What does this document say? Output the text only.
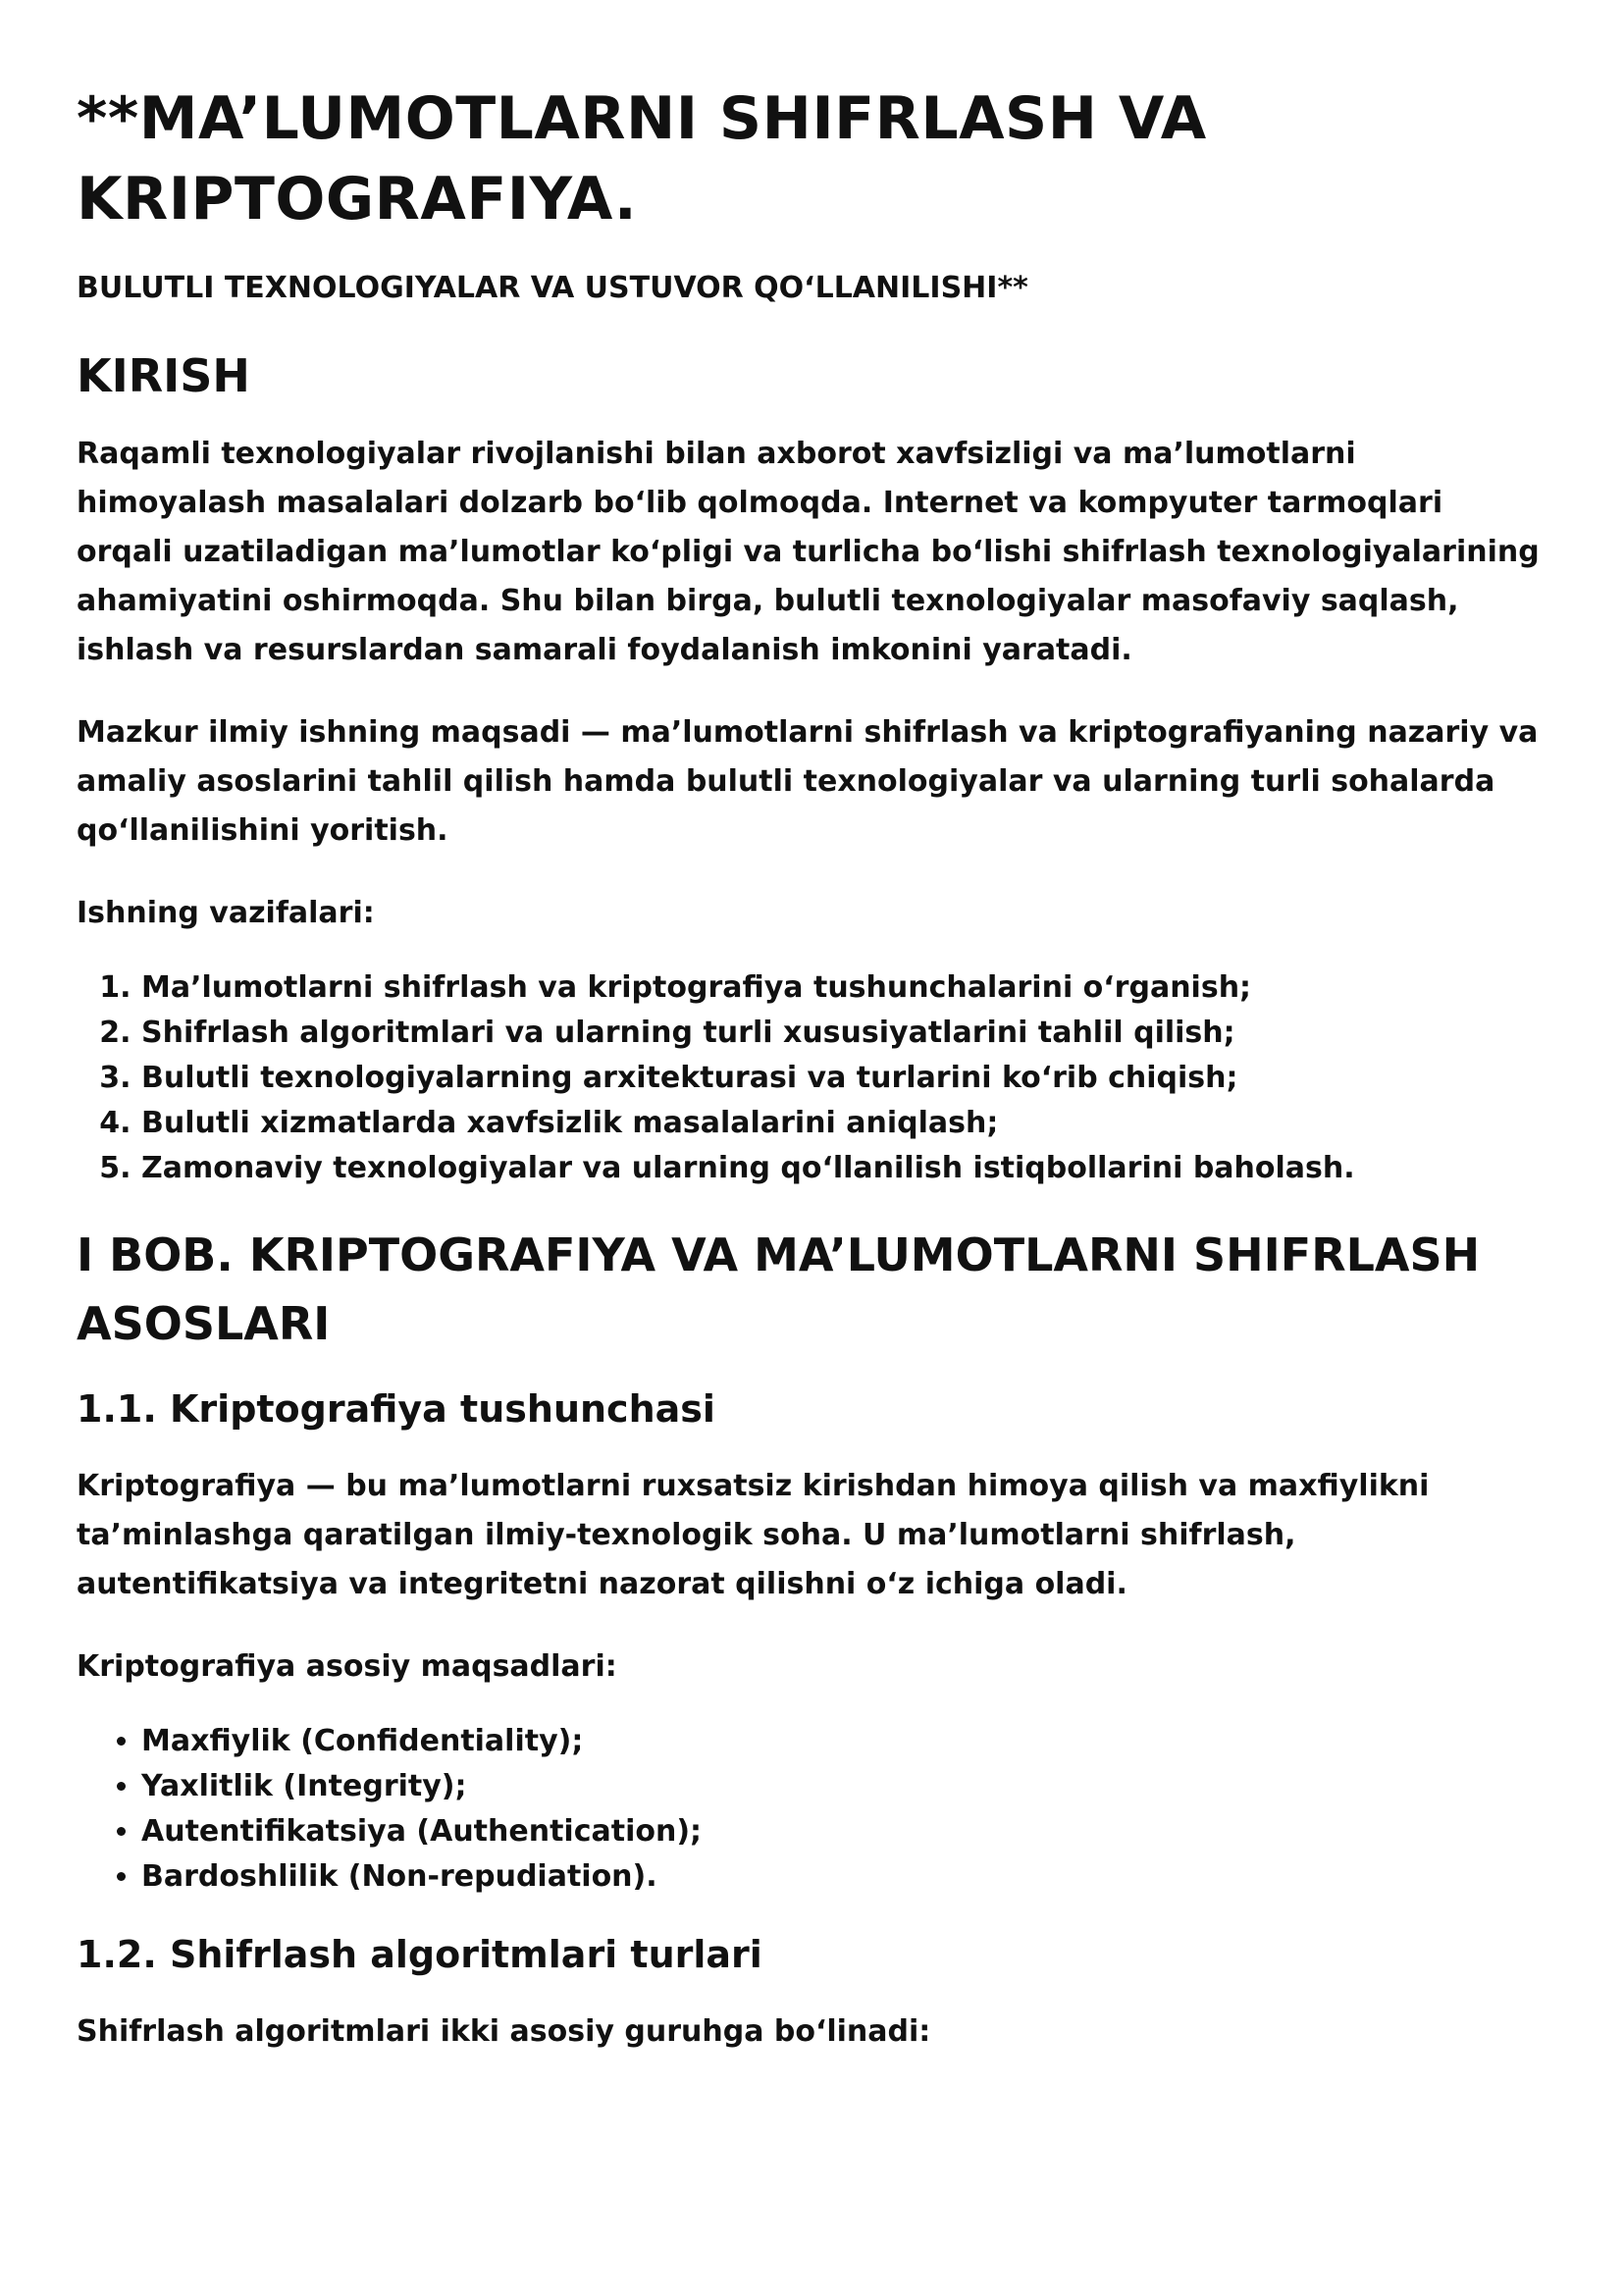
**MA’LUMOTLARNI SHIFRLASH VA KRIPTOGRAFIYA.
BULUTLI TEXNOLOGIYALAR VA USTUVOR QO‘LLANILISHI**
KIRISH

Raqamli texnologiyalar rivojlanishi bilan axborot xavfsizligi va ma’lumotlarni himoyalash masalalari dolzarb bo‘lib qolmoqda. Internet va kompyuter tarmoqlari orqali uzatiladigan ma’lumotlar ko‘pligi va turlicha bo‘lishi shifrlash texnologiyalarining ahamiyatini oshirmoqda. Shu bilan birga, bulutli texnologiyalar masofaviy saqlash, ishlash va resurslardan samarali foydalanish imkonini yaratadi.

Mazkur ilmiy ishning maqsadi — ma’lumotlarni shifrlash va kriptografiyaning nazariy va amaliy asoslarini tahlil qilish hamda bulutli texnologiyalar va ularning turli sohalarda qo‘llanilishini yoritish.

Ishning vazifalari:

1. Ma’lumotlarni shifrlash va kriptografiya tushunchalarini o‘rganish;
2. Shifrlash algoritmlari va ularning turli xususiyatlarini tahlil qilish;
3. Bulutli texnologiyalarning arxitekturasi va turlarini ko‘rib chiqish;
4. Bulutli xizmatlarda xavfsizlik masalalarini aniqlash;
5. Zamonaviy texnologiyalar va ularning qo‘llanilish istiqbollarini baholash.
I BOB. KRIPTOGRAFIYA VA MA’LUMOTLARNI SHIFRLASH ASOSLARI
1.1. Kriptografiya tushunchasi

Kriptografiya — bu ma’lumotlarni ruxsatsiz kirishdan himoya qilish va maxfiylikni ta’minlashga qaratilgan ilmiy-texnologik soha. U ma’lumotlarni shifrlash, autentifikatsiya va integritetni nazorat qilishni o‘z ichiga oladi.

Kriptografiya asosiy maqsadlari:

• Maxfiylik (Confidentiality);
• Yaxlitlik (Integrity);
• Autentifikatsiya (Authentication);
• Bardoshlilik (Non-repudiation).
1.2. Shifrlash algoritmlari turlari

Shifrlash algoritmlari ikki asosiy guruhga bo‘linadi:
